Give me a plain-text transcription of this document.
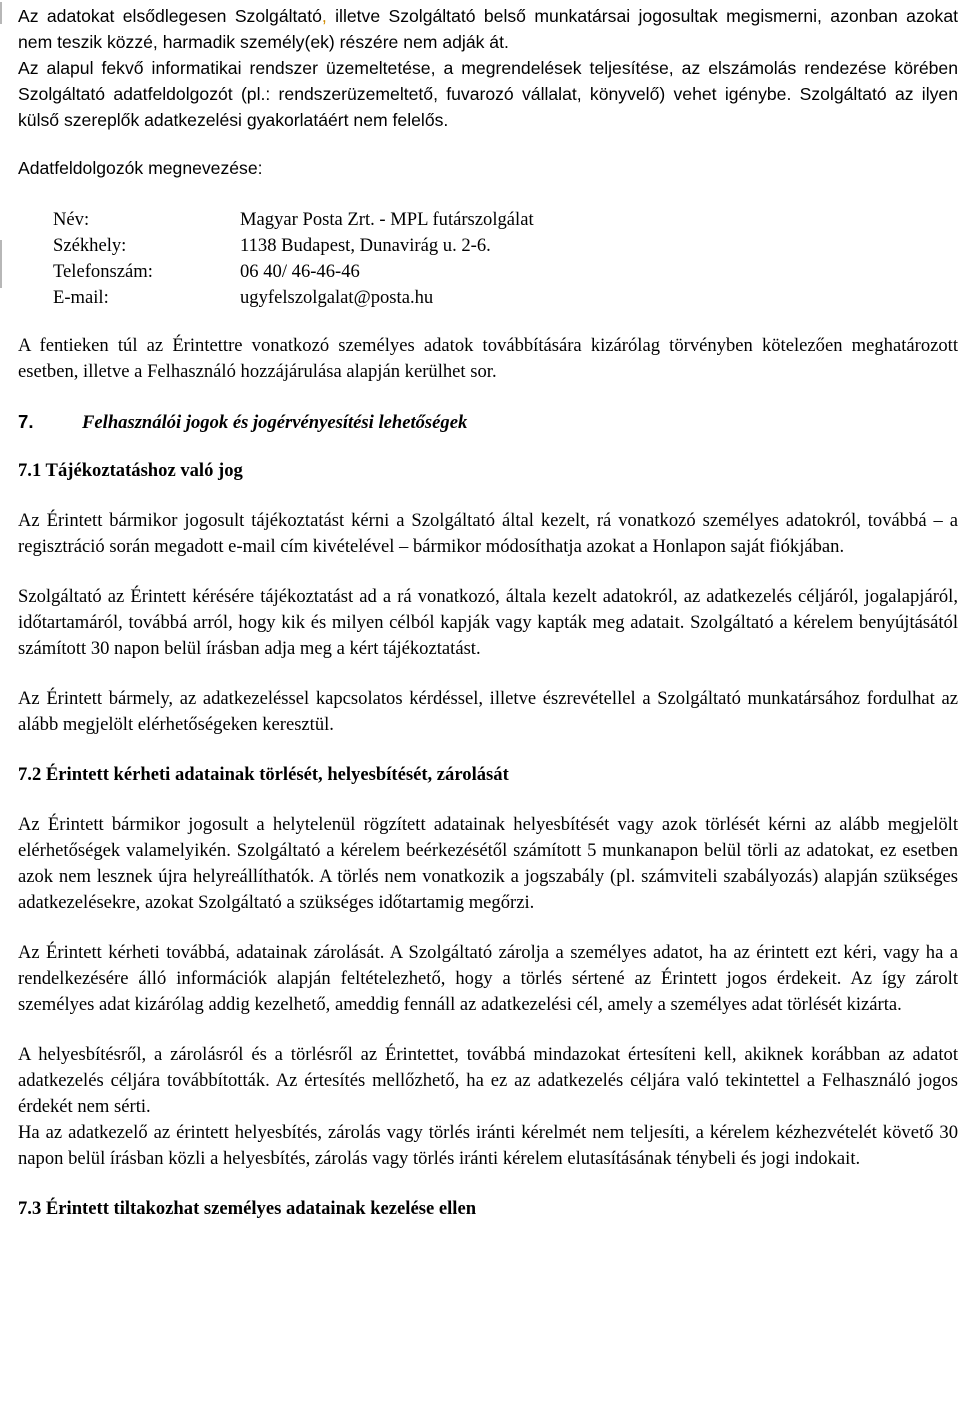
Az adatokat elsődlegesen Szolgáltató, illetve Szolgáltató belső munkatársai jogosultak megismerni, azonban azokat nem teszik közzé, harmadik személy(ek) részére nem adják át.

Az alapul fekvő informatikai rendszer üzemeltetése, a megrendelések teljesítése, az elszámolás rendezése körében Szolgáltató adatfeldolgozót (pl.: rendszerüzemeltető, fuvarozó vállalat, könyvelő) vehet igénybe. Szolgáltató az ilyen külső szereplők adatkezelési gyakorlatáért nem felelős.

Adatfeldolgozók megnevezése:

Név:	Magyar Posta Zrt. - MPL futárszolgálat
Székhely:	1138 Budapest, Dunavirág u. 2-6.
Telefonszám:	06 40/ 46-46-46
E-mail:	ugyfelszolgalat@posta.hu

A fentieken túl az Érintettre vonatkozó személyes adatok továbbítására kizárólag törvényben kötelezően meghatározott esetben, illetve a Felhasználó hozzájárulása alapján kerülhet sor.

7.	Felhasználói jogok és jogérvényesítési lehetőségek
7.1 Tájékoztatáshoz való jog

Az Érintett bármikor jogosult tájékoztatást kérni a Szolgáltató által kezelt, rá vonatkozó személyes adatokról, továbbá – a regisztráció során megadott e-mail cím kivételével – bármikor módosíthatja azokat a Honlapon saját fiókjában.

Szolgáltató az Érintett kérésére tájékoztatást ad a rá vonatkozó, általa kezelt adatokról, az adatkezelés céljáról, jogalapjáról, időtartamáról, továbbá arról, hogy kik és milyen célból kapják vagy kapták meg adatait. Szolgáltató a kérelem benyújtásától számított 30 napon belül írásban adja meg a kért tájékoztatást.

Az Érintett bármely, az adatkezeléssel kapcsolatos kérdéssel, illetve észrevétellel a Szolgáltató munkatársához fordulhat az alább megjelölt elérhetőségeken keresztül.

7.2 Érintett kérheti adatainak törlését, helyesbítését, zárolását

Az Érintett bármikor jogosult a helytelenül rögzített adatainak helyesbítését vagy azok törlését kérni az alább megjelölt elérhetőségek valamelyikén. Szolgáltató a kérelem beérkezésétől számított 5 munkanapon belül törli az adatokat, ez esetben azok nem lesznek újra helyreállíthatók. A törlés nem vonatkozik a jogszabály (pl. számviteli szabályozás) alapján szükséges adatkezelésekre, azokat Szolgáltató a szükséges időtartamig megőrzi.

Az Érintett kérheti továbbá, adatainak zárolását. A Szolgáltató zárolja a személyes adatot, ha az érintett ezt kéri, vagy ha a rendelkezésére álló információk alapján feltételezhető, hogy a törlés sértené az Érintett jogos érdekeit. Az így zárolt személyes adat kizárólag addig kezelhető, ameddig fennáll az adatkezelési cél, amely a személyes adat törlését kizárta.

A helyesbítésről, a zárolásról és a törlésről az Érintettet, továbbá mindazokat értesíteni kell, akiknek korábban az adatot adatkezelés céljára továbbították. Az értesítés mellőzhető, ha ez az adatkezelés céljára való tekintettel a Felhasználó jogos érdekét nem sérti.

Ha az adatkezelő az érintett helyesbítés, zárolás vagy törlés iránti kérelmét nem teljesíti, a kérelem kézhezvételét követő 30 napon belül írásban közli a helyesbítés, zárolás vagy törlés iránti kérelem elutasításának ténybeli és jogi indokait.

7.3 Érintett tiltakozhat személyes adatainak kezelése ellen
